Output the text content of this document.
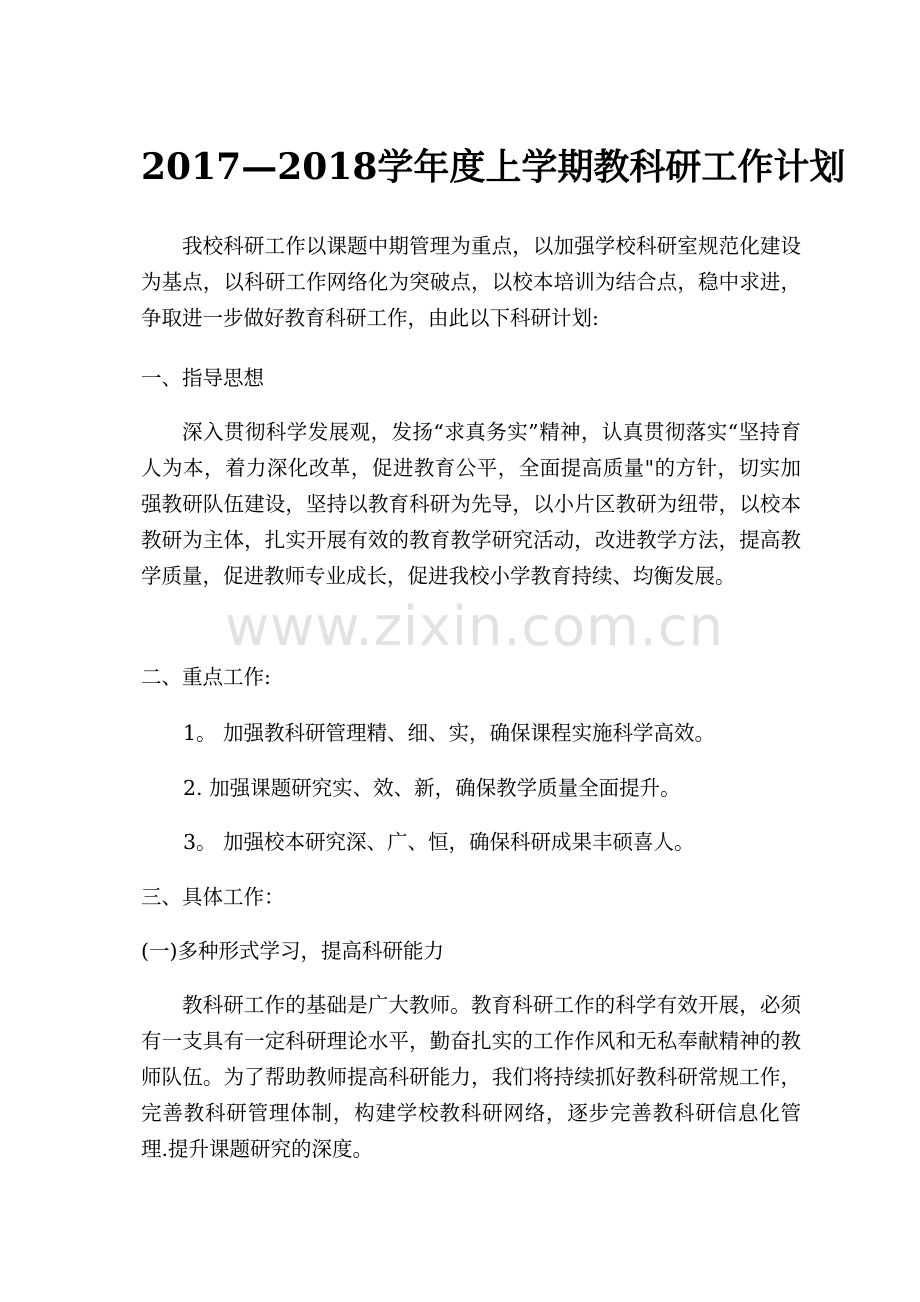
2017—2018学年度上学期教科研工作计划

我校科研工作以课题中期管理为重点，以加强学校科研室规范化建设为基点，以科研工作网络化为突破点，以校本培训为结合点，稳中求进，争取进一步做好教育科研工作，由此以下科研计划:

一、指导思想

深入贯彻科学发展观，发扬“求真务实”精神，认真贯彻落实“坚持育人为本，着力深化改革，促进教育公平，全面提高质量"的方针，切实加强教研队伍建设，坚持以教育科研为先导，以小片区教研为纽带，以校本教研为主体，扎实开展有效的教育教学研究活动，改进教学方法，提高教学质量，促进教师专业成长，促进我校小学教育持续、均衡发展。

二、重点工作:
1。 加强教科研管理精、细、实，确保课程实施科学高效。
2. 加强课题研究实、效、新，确保教学质量全面提升。
3。 加强校本研究深、广、恒，确保科研成果丰硕喜人。
三、具体工作：
(一)多种形式学习，提高科研能力

教科研工作的基础是广大教师。教育科研工作的科学有效开展，必须有一支具有一定科研理论水平，勤奋扎实的工作作风和无私奉献精神的教师队伍。为了帮助教师提高科研能力，我们将持续抓好教科研常规工作，完善教科研管理体制，构建学校教科研网络，逐步完善教科研信息化管理.提升课题研究的深度。

www.zixin.com.cn
